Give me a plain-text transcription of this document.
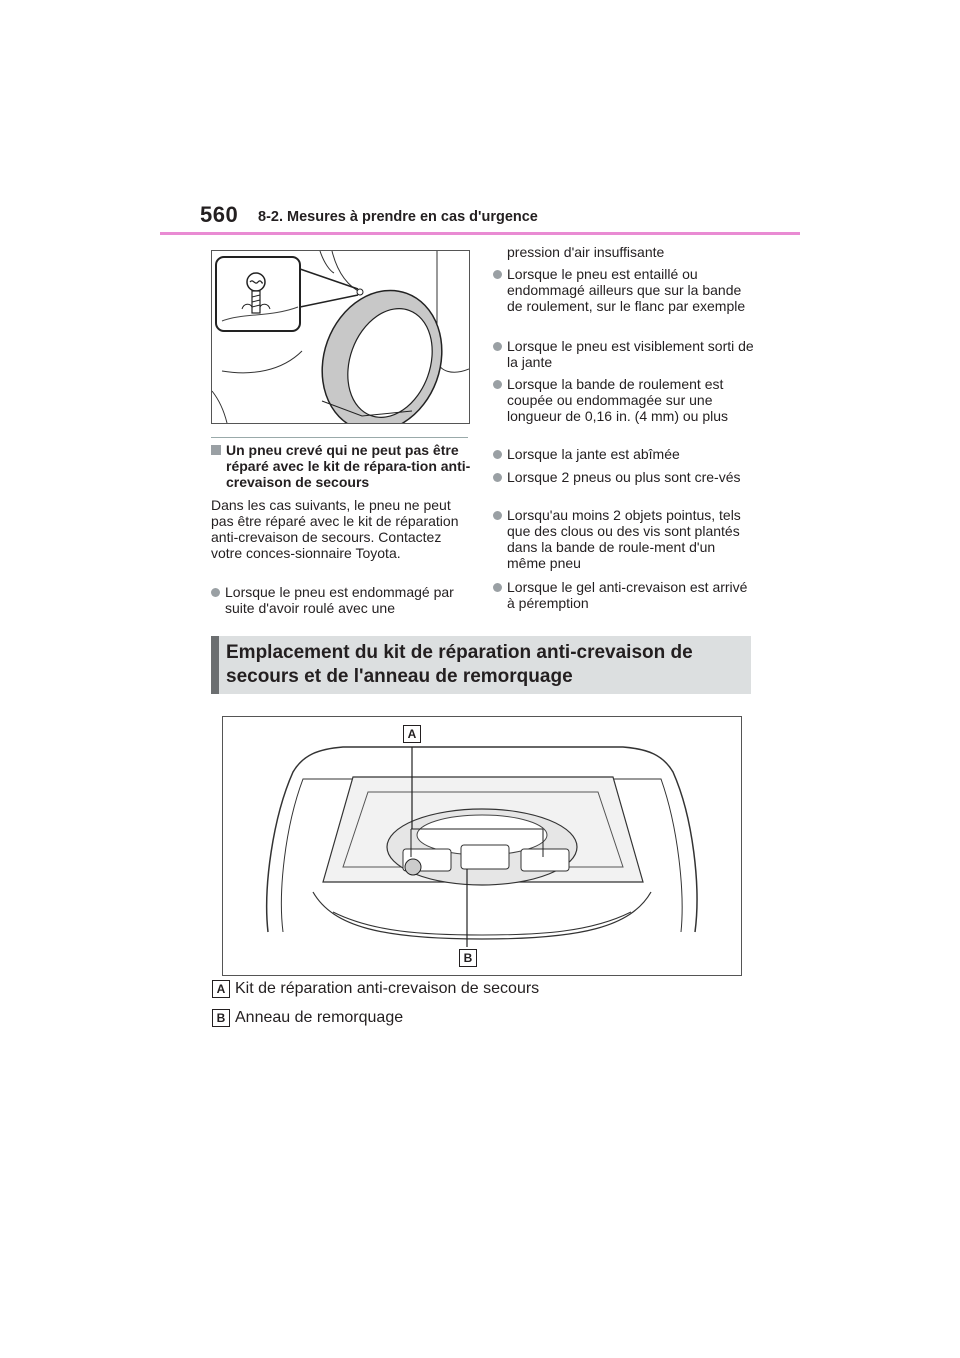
560 8-2. Mesures à prendre en cas d'urgence
Un pneu crevé qui ne peut pas être réparé avec le kit de répara-tion anti-crevaison de secours
Dans les cas suivants, le pneu ne peut pas être réparé avec le kit de réparation anti-crevaison de secours. Contactez votre conces-sionnaire Toyota.
Lorsque le pneu est endommagé par suite d'avoir roulé avec une
pression d'air insuffisante
Lorsque le pneu est entaillé ou endommagé ailleurs que sur la bande de roulement, sur le flanc par exemple
Lorsque le pneu est visiblement sorti de la jante
Lorsque la bande de roulement est coupée ou endommagée sur une longueur de 0,16 in. (4 mm) ou plus
Lorsque la jante est abîmée
Lorsque 2 pneus ou plus sont cre-vés
Lorsqu'au moins 2 objets pointus, tels que des clous ou des vis sont plantés dans la bande de roule-ment d'un même pneu
Lorsque le gel anti-crevaison est arrivé à péremption
Emplacement du kit de réparation anti-crevaison de secours et de l'anneau de remorquage
A
B
A Kit de réparation anti-crevaison de secours
B Anneau de remorquage
